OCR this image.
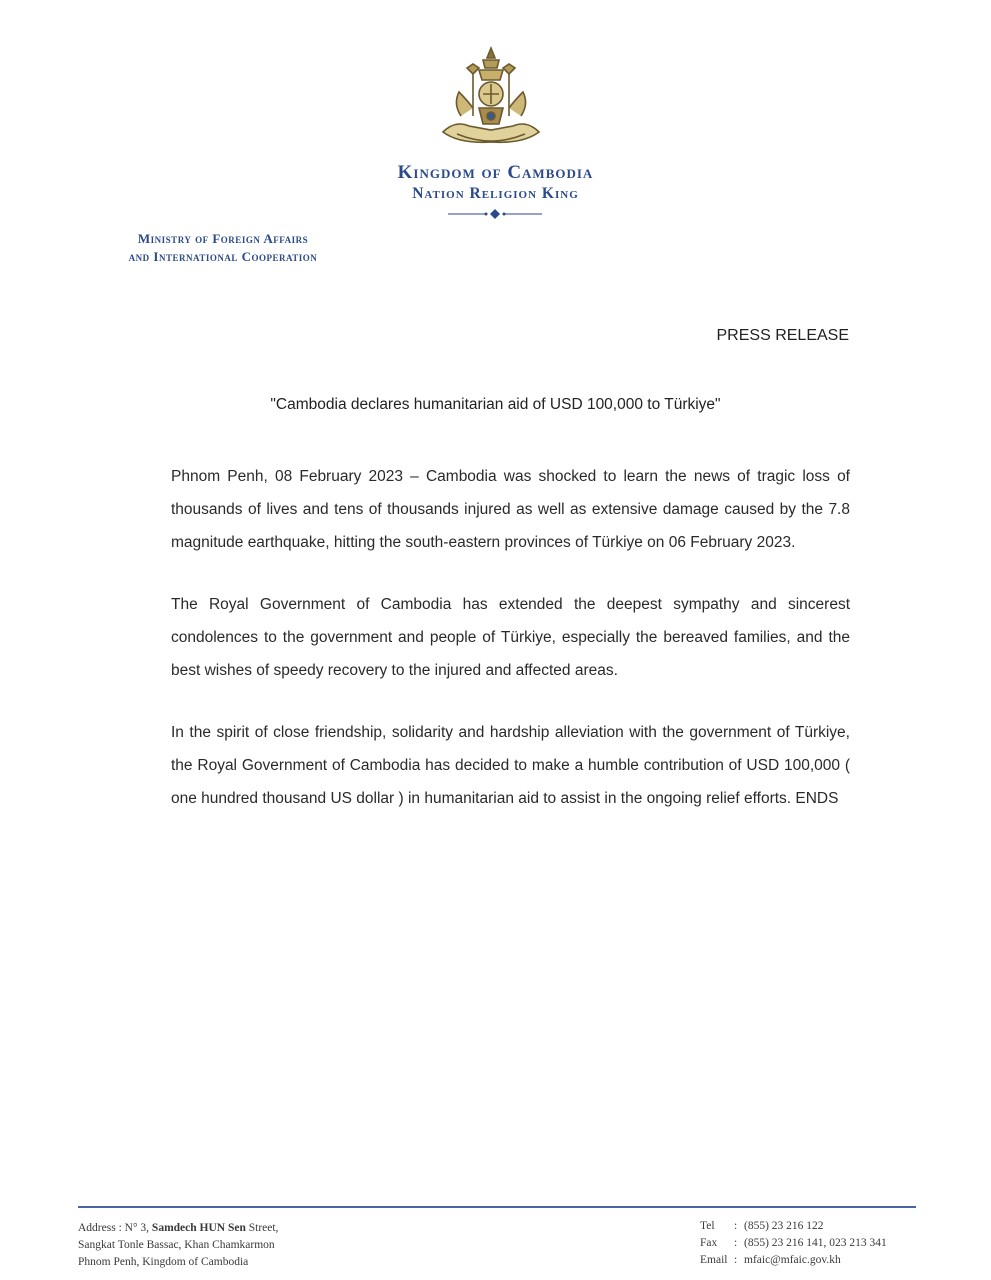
Kingdom of Cambodia
Nation Religion King
Ministry of Foreign Affairs
and International Cooperation
PRESS RELEASE
"Cambodia declares humanitarian aid of USD 100,000 to Türkiye"

Phnom Penh, 08 February 2023 – Cambodia was shocked to learn the news of tragic loss of thousands of lives and tens of thousands injured as well as extensive damage caused by the 7.8 magnitude earthquake, hitting the south-eastern provinces of Türkiye on 06 February 2023.

The Royal Government of Cambodia has extended the deepest sympathy and sincerest condolences to the government and people of Türkiye, especially the bereaved families, and the best wishes of speedy recovery to the injured and affected areas.

In the spirit of close friendship, solidarity and hardship alleviation with the government of Türkiye, the Royal Government of Cambodia has decided to make a humble contribution of USD 100,000 ( one hundred thousand US dollar ) in humanitarian aid to assist in the ongoing relief efforts. ENDS

Address : N° 3, Samdech HUN Sen Street,
Sangkat Tonle Bassac, Khan Chamkarmon
Phnom Penh, Kingdom of Cambodia
Tel	: (855) 23 216 122
Fax	: (855) 23 216 141, 023 213 341
Email : mfaic@mfaic.gov.kh
